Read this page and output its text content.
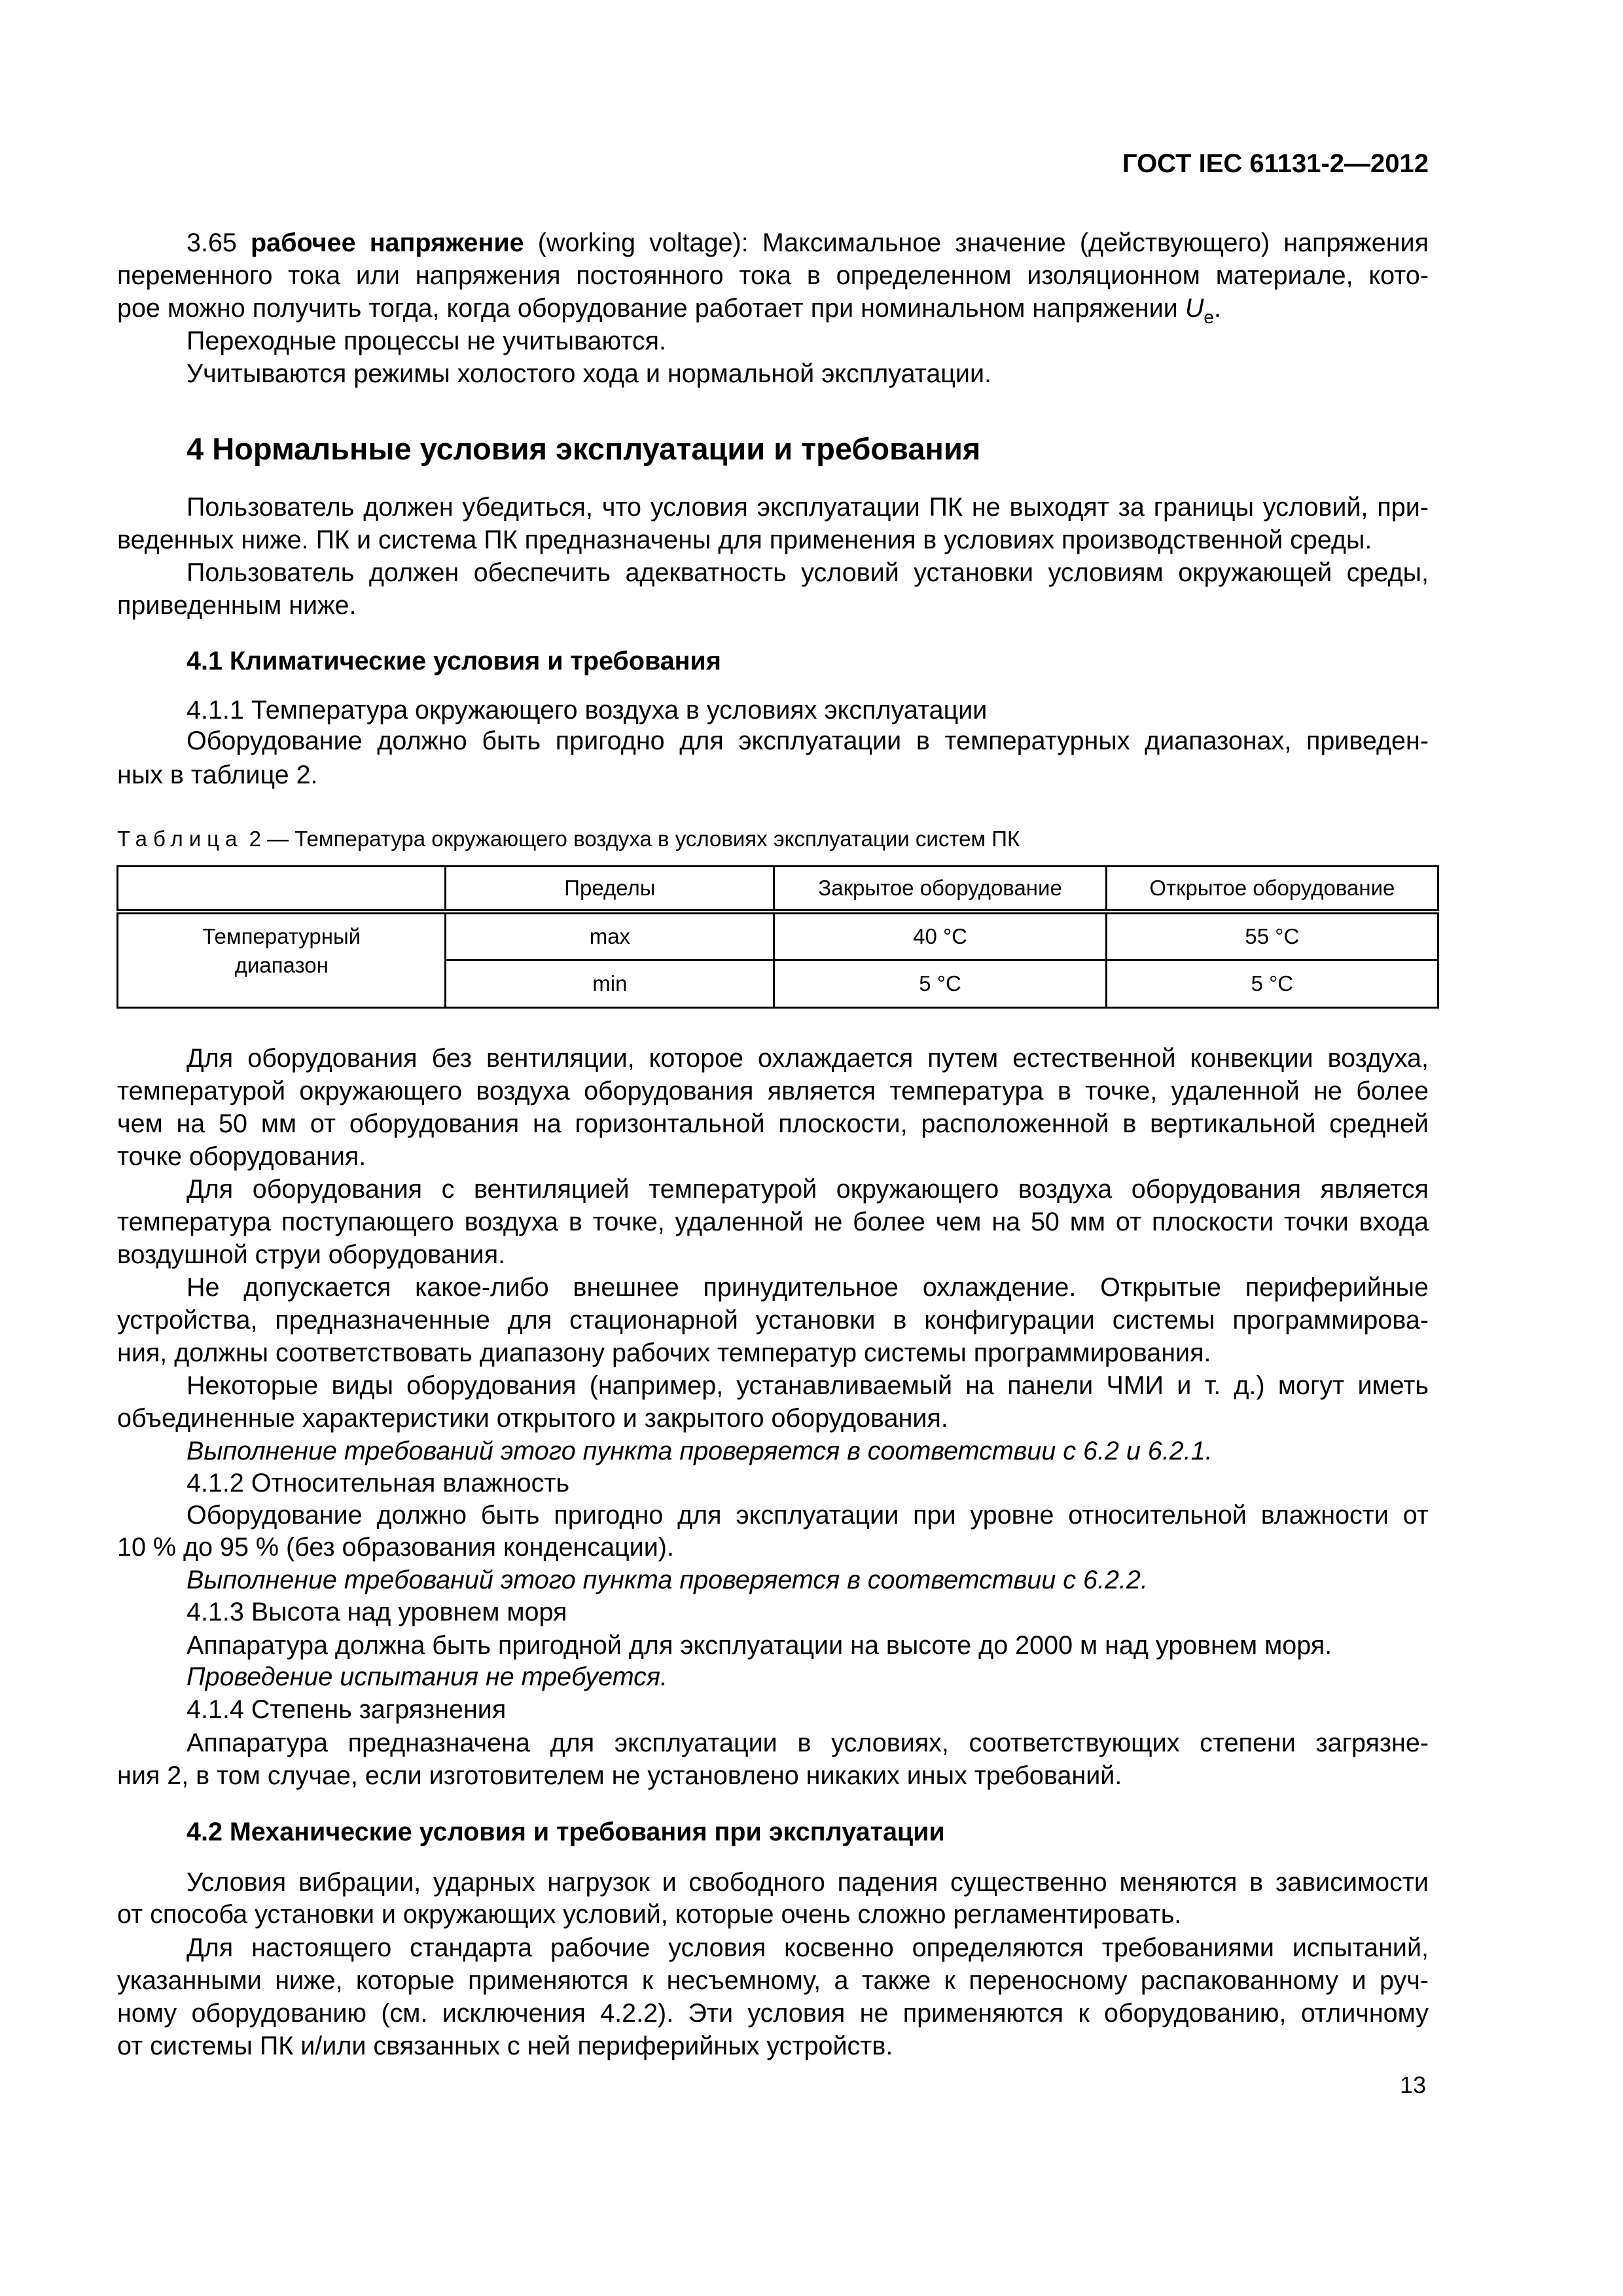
ГОСТ IEC 61131-2—2012
3.65 рабочее напряжение (working voltage): Максимальное значение (действующего) напряжения
переменного тока или напряжения постоянного тока в определенном изоляционном материале, кото-
рое можно получить тогда, когда оборудование работает при номинальном напряжении $U_e$.
Переходные процессы не учитываются.
Учитываются режимы холостого хода и нормальной эксплуатации.
4 Нормальные условия эксплуатации и требования
Пользователь должен убедиться, что условия эксплуатации ПК не выходят за границы условий, при-
веденных ниже. ПК и система ПК предназначены для применения в условиях производственной среды.
Пользователь должен обеспечить адекватность условий установки условиям окружающей среды,
приведенным ниже.
4.1 Климатические условия и требования
4.1.1 Температура окружающего воздуха в условиях эксплуатации
Оборудование должно быть пригодно для эксплуатации в температурных диапазонах, приведен-
ных в таблице 2.
Таблица 2 — Температура окружающего воздуха в условиях эксплуатации систем ПК
	Пределы	Закрытое оборудование	Открытое оборудование

Температурный
диапазон	max	40 °C	55 °C
	min	5 °C	5 °C
Для оборудования без вентиляции, которое охлаждается путем естественной конвекции воздуха,
температурой окружающего воздуха оборудования является температура в точке, удаленной не более
чем на 50 мм от оборудования на горизонтальной плоскости, расположенной в вертикальной средней
точке оборудования.
Для оборудования с вентиляцией температурой окружающего воздуха оборудования является
температура поступающего воздуха в точке, удаленной не более чем на 50 мм от плоскости точки входа
воздушной струи оборудования.
Не допускается какое-либо внешнее принудительное охлаждение. Открытые периферийные
устройства, предназначенные для стационарной установки в конфигурации системы программирова-
ния, должны соответствовать диапазону рабочих температур системы программирования.
Некоторые виды оборудования (например, устанавливаемый на панели ЧМИ и т. д.) могут иметь
объединенные характеристики открытого и закрытого оборудования.
Выполнение требований этого пункта проверяется в соответствии с 6.2 и 6.2.1.
4.1.2 Относительная влажность
Оборудование должно быть пригодно для эксплуатации при уровне относительной влажности от
10 % до 95 % (без образования конденсации).
Выполнение требований этого пункта проверяется в соответствии с 6.2.2.
4.1.3 Высота над уровнем моря
Аппаратура должна быть пригодной для эксплуатации на высоте до 2000 м над уровнем моря.
Проведение испытания не требуется.
4.1.4 Степень загрязнения
Аппаратура предназначена для эксплуатации в условиях, соответствующих степени загрязне-
ния 2, в том случае, если изготовителем не установлено никаких иных требований.
4.2 Механические условия и требования при эксплуатации
Условия вибрации, ударных нагрузок и свободного падения существенно меняются в зависимости
от способа установки и окружающих условий, которые очень сложно регламентировать.
Для настоящего стандарта рабочие условия косвенно определяются требованиями испытаний,
указанными ниже, которые применяются к несъемному, а также к переносному распакованному и руч-
ному оборудованию (см. исключения 4.2.2). Эти условия не применяются к оборудованию, отличному
от системы ПК и/или связанных с ней периферийных устройств.
13
